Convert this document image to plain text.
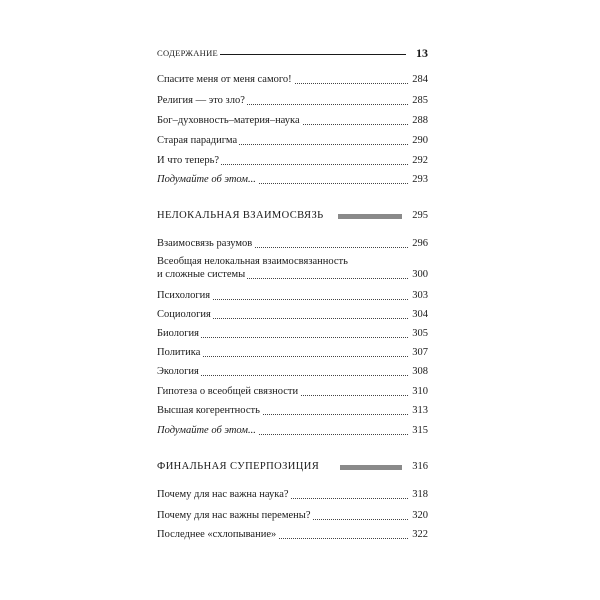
СОДЕРЖАНИЕ	13
Спасите меня от меня самого!	284
Религия — это зло?	285
Бог–духовность–материя–наука	288
Старая парадигма	290
И что теперь?	292
Подумайте об этом...	293
НЕЛОКАЛЬНАЯ ВЗАИМОСВЯЗЬ	295
Взаимосвязь разумов	296
Всеобщая нелокальная взаимосвязанность
и сложные системы	300
Психология	303
Социология	304
Биология	305
Политика	307
Экология	308
Гипотеза о всеобщей связности	310
Высшая когерентность	313
Подумайте об этом...	315
ФИНАЛЬНАЯ СУПЕРПОЗИЦИЯ	316
Почему для нас важна наука?	318
Почему для нас важны перемены?	320
Последнее «схлопывание»	322
